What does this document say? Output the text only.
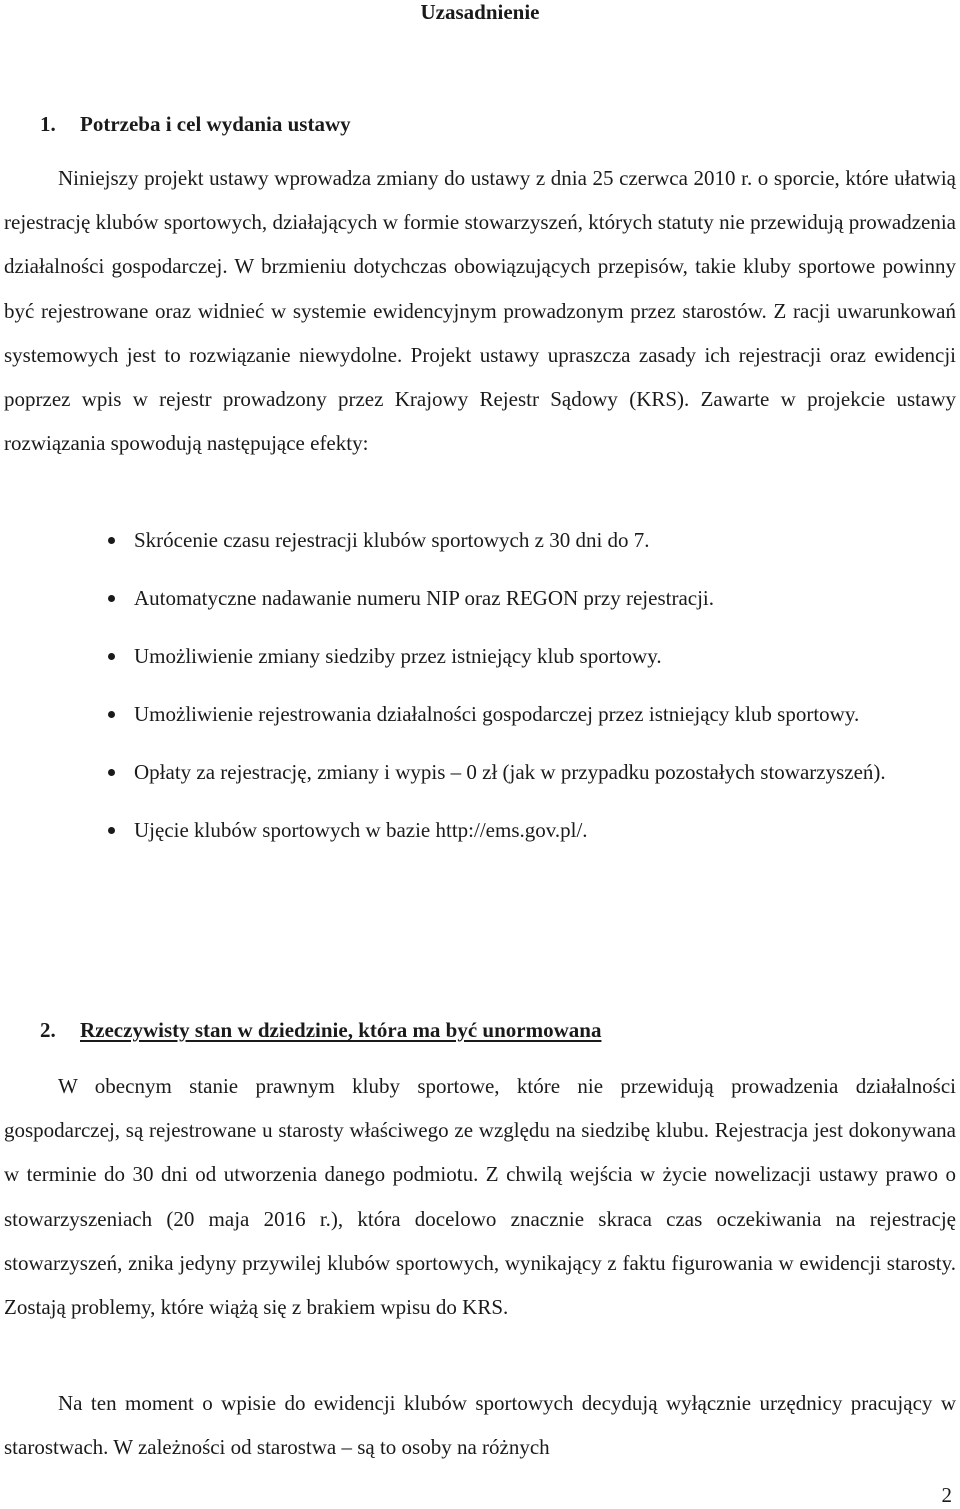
Uzasadnienie
1. Potrzeba i cel wydania ustawy

Niniejszy projekt ustawy wprowadza zmiany do ustawy z dnia 25 czerwca 2010 r. o sporcie, które ułatwią rejestrację klubów sportowych, działających w formie stowarzyszeń, których statuty nie przewidują prowadzenia działalności gospodarczej. W brzmieniu dotychczas obowiązujących przepisów, takie kluby sportowe powinny być rejestrowane oraz widnieć w systemie ewidencyjnym prowadzonym przez starostów. Z racji uwarunkowań systemowych jest to rozwiązanie niewydolne. Projekt ustawy upraszcza zasady ich rejestracji oraz ewidencji poprzez wpis w rejestr prowadzony przez Krajowy Rejestr Sądowy (KRS). Zawarte w projekcie ustawy rozwiązania spowodują następujące efekty:

Skrócenie czasu rejestracji klubów sportowych z 30 dni do 7.
Automatyczne nadawanie numeru NIP oraz REGON przy rejestracji.
Umożliwienie zmiany siedziby przez istniejący klub sportowy.
Umożliwienie rejestrowania działalności gospodarczej przez istniejący klub sportowy.
Opłaty za rejestrację, zmiany i wypis – 0 zł (jak w przypadku pozostałych stowarzyszeń).
Ujęcie klubów sportowych w bazie http://ems.gov.pl/.
2. Rzeczywisty stan w dziedzinie, która ma być unormowana

W obecnym stanie prawnym kluby sportowe, które nie przewidują prowadzenia działalności gospodarczej, są rejestrowane u starosty właściwego ze względu na siedzibę klubu. Rejestracja jest dokonywana w terminie do 30 dni od utworzenia danego podmiotu. Z chwilą wejścia w życie nowelizacji ustawy prawo o stowarzyszeniach (20 maja 2016 r.), która docelowo znacznie skraca czas oczekiwania na rejestrację stowarzyszeń, znika jedyny przywilej klubów sportowych, wynikający z faktu figurowania w ewidencji starosty. Zostają problemy, które wiążą się z brakiem wpisu do KRS.

Na ten moment o wpisie do ewidencji klubów sportowych decydują wyłącznie urzędnicy pracujący w starostwach. W zależności od starostwa – są to osoby na różnych

2
